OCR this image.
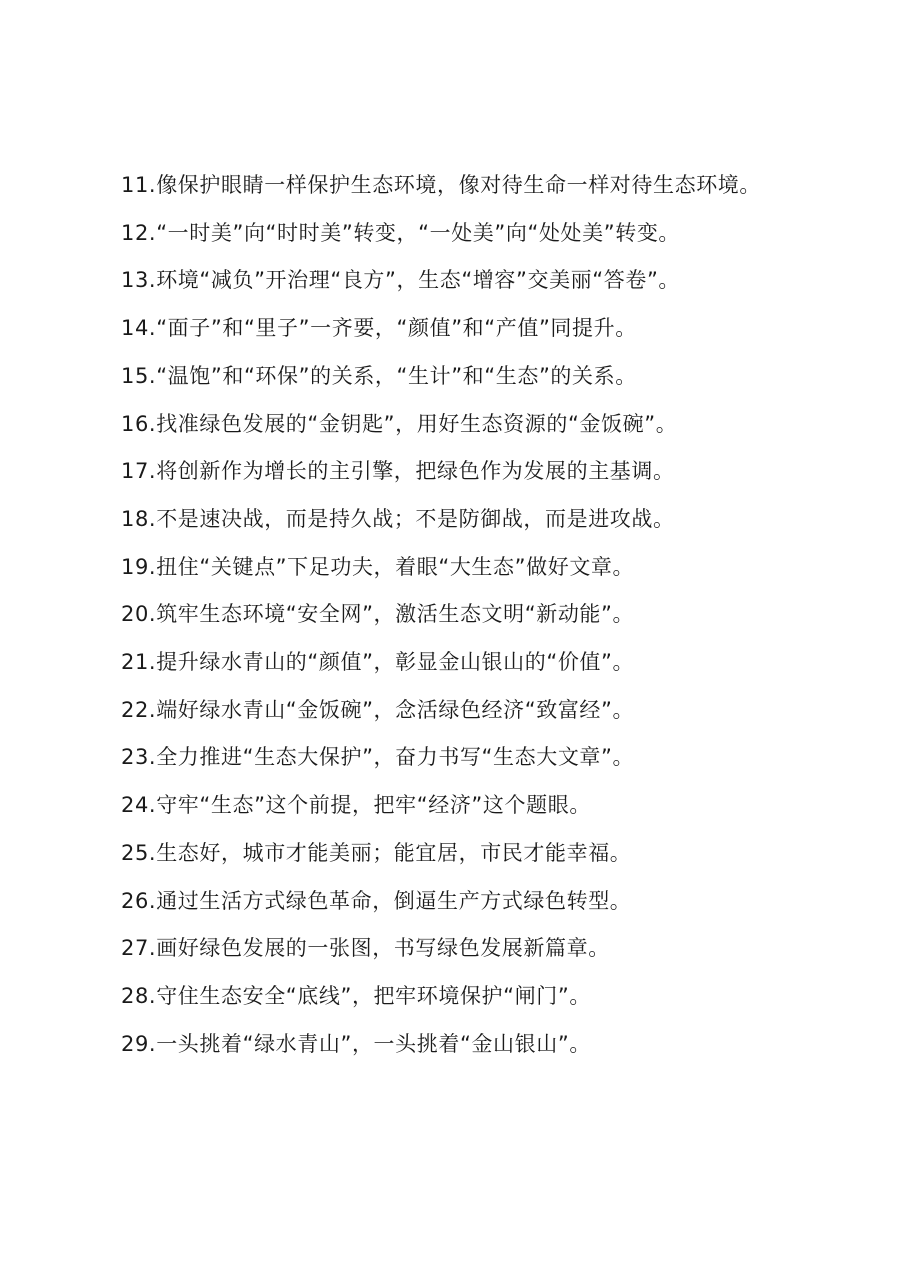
11.像保护眼睛一样保护生态环境，像对待生命一样对待生态环境。

12.“一时美”向“时时美”转变，“一处美”向“处处美”转变。

13.环境“减负”开治理“良方”，生态“增容”交美丽“答卷”。

14.“面子”和“里子”一齐要，“颜值”和“产值”同提升。

15.“温饱”和“环保”的关系，“生计”和“生态”的关系。

16.找准绿色发展的“金钥匙”，用好生态资源的“金饭碗”。

17.将创新作为增长的主引擎，把绿色作为发展的主基调。

18.不是速决战，而是持久战；不是防御战，而是进攻战。

19.扭住“关键点”下足功夫，着眼“大生态”做好文章。

20.筑牢生态环境“安全网”，激活生态文明“新动能”。

21.提升绿水青山的“颜值”，彰显金山银山的“价值”。

22.端好绿水青山“金饭碗”，念活绿色经济“致富经”。

23.全力推进“生态大保护”，奋力书写“生态大文章”。

24.守牢“生态”这个前提，把牢“经济”这个题眼。

25.生态好，城市才能美丽；能宜居，市民才能幸福。

26.通过生活方式绿色革命，倒逼生产方式绿色转型。

27.画好绿色发展的一张图，书写绿色发展新篇章。

28.守住生态安全“底线”，把牢环境保护“闸门”。

29.一头挑着“绿水青山”，一头挑着“金山银山”。
